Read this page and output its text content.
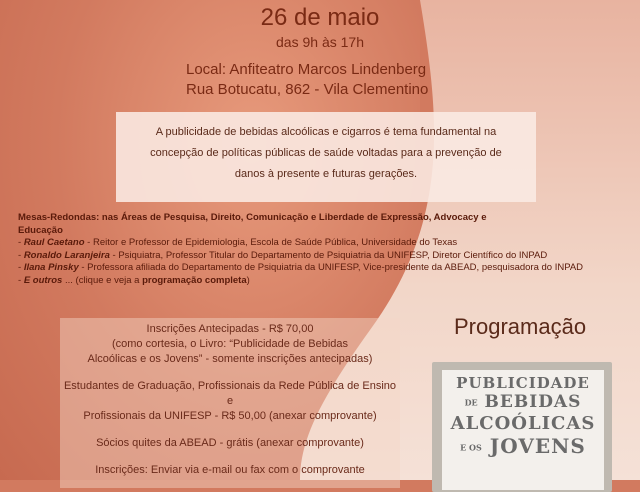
26 de maio
das 9h às 17h
Local: Anfiteatro Marcos Lindenberg
Rua Botucatu, 862 - Vila Clementino
A publicidade de bebidas alcoólicas e cigarros é tema fundamental na
concepção de políticas públicas de saúde voltadas para a prevenção de
danos à presente e futuras gerações.
Mesas-Redondas: nas Áreas de Pesquisa, Direito, Comunicação e Liberdade de Expressão, Advocacy e
Educação
- Raul Caetano - Reitor e Professor de Epidemiologia, Escola de Saúde Pública, Universidade do Texas
- Ronaldo Laranjeira - Psiquiatra, Professor Titular do Departamento de Psiquiatria da UNIFESP, Diretor Científico do INPAD
- Ilana Pinsky - Professora afiliada do Departamento de Psiquiatria da UNIFESP, Vice-presidente da ABEAD, pesquisadora do INPAD
- E outros ... (clique e veja a programação completa)

Inscrições Antecipadas - R$ 70,00
(como cortesia, o Livro: “Publicidade de Bebidas
Alcoólicas e os Jovens” - somente inscrições antecipadas)

Estudantes de Graduação, Profissionais da Rede Pública de Ensino e
Profissionais da UNIFESP - R$ 50,00 (anexar comprovante)

Sócios quites da ABEAD - grátis (anexar comprovante)

Inscrições: Enviar via e-mail ou fax com o comprovante

Programação
PUBLICIDADE
DE BEBIDAS
ALCOÓLICAS
E OS JOVENS
